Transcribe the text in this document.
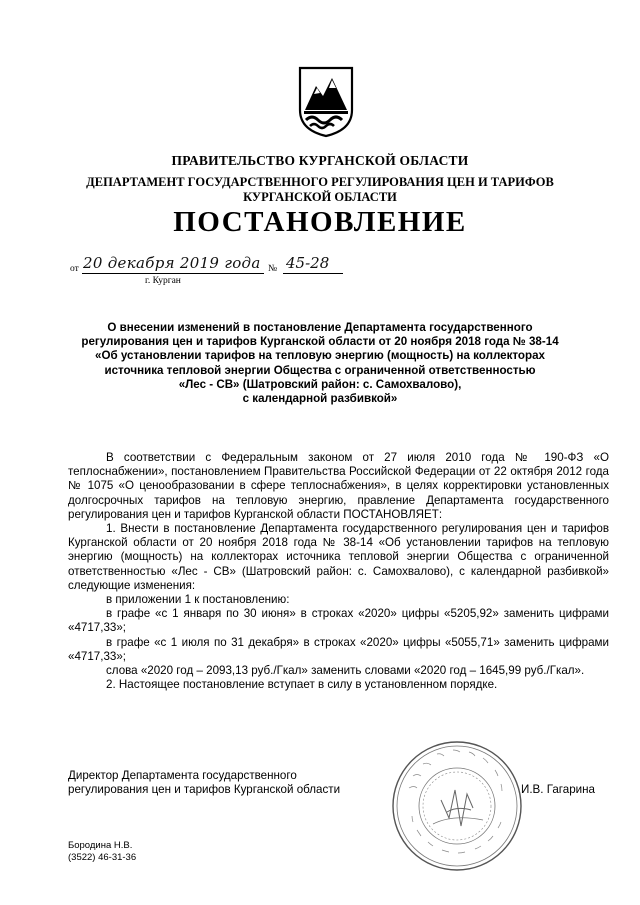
ПРАВИТЕЛЬСТВО КУРГАНСКОЙ ОБЛАСТИ
ДЕПАРТАМЕНТ ГОСУДАРСТВЕННОГО РЕГУЛИРОВАНИЯ ЦЕН И ТАРИФОВ
КУРГАНСКОЙ ОБЛАСТИ
ПОСТАНОВЛЕНИЕ
от 20 декабря 2019 года № 45-28
г. Курган
О внесении изменений в постановление Департамента государственного
регулирования цен и тарифов Курганской области от 20 ноября 2018 года № 38-14
«Об установлении тарифов на тепловую энергию (мощность) на коллекторах
источника тепловой энергии Общества с ограниченной ответственностью
«Лес - СВ» (Шатровский район: с. Самохвалово),
с календарной разбивкой»

В соответствии с Федеральным законом от 27 июля 2010 года № 190-ФЗ «О теплоснабжении», постановлением Правительства Российской Федерации от 22 октября 2012 года № 1075 «О ценообразовании в сфере теплоснабжения», в целях корректировки установленных долгосрочных тарифов на тепловую энергию, правление Департамента государственного регулирования цен и тарифов Курганской области ПОСТАНОВЛЯЕТ:

1. Внести в постановление Департамента государственного регулирования цен и тарифов Курганской области от 20 ноября 2018 года № 38-14 «Об установлении тарифов на тепловую энергию (мощность) на коллекторах источника тепловой энергии Общества с ограниченной ответственностью «Лес - СВ» (Шатровский район: с. Самохвалово), с календарной разбивкой» следующие изменения:

в приложении 1 к постановлению:

в графе «с 1 января по 30 июня» в строках «2020» цифры «5205,92» заменить цифрами «4717,33»;

в графе «с 1 июля по 31 декабря» в строках «2020» цифры «5055,71» заменить цифрами «4717,33»;

слова «2020 год – 2093,13 руб./Гкал» заменить словами «2020 год – 1645,99 руб./Гкал».

2. Настоящее постановление вступает в силу в установленном порядке.

Директор Департамента государственного
регулирования цен и тарифов Курганской области	И.В. Гагарина
Бородина Н.В.
(3522) 46-31-36
